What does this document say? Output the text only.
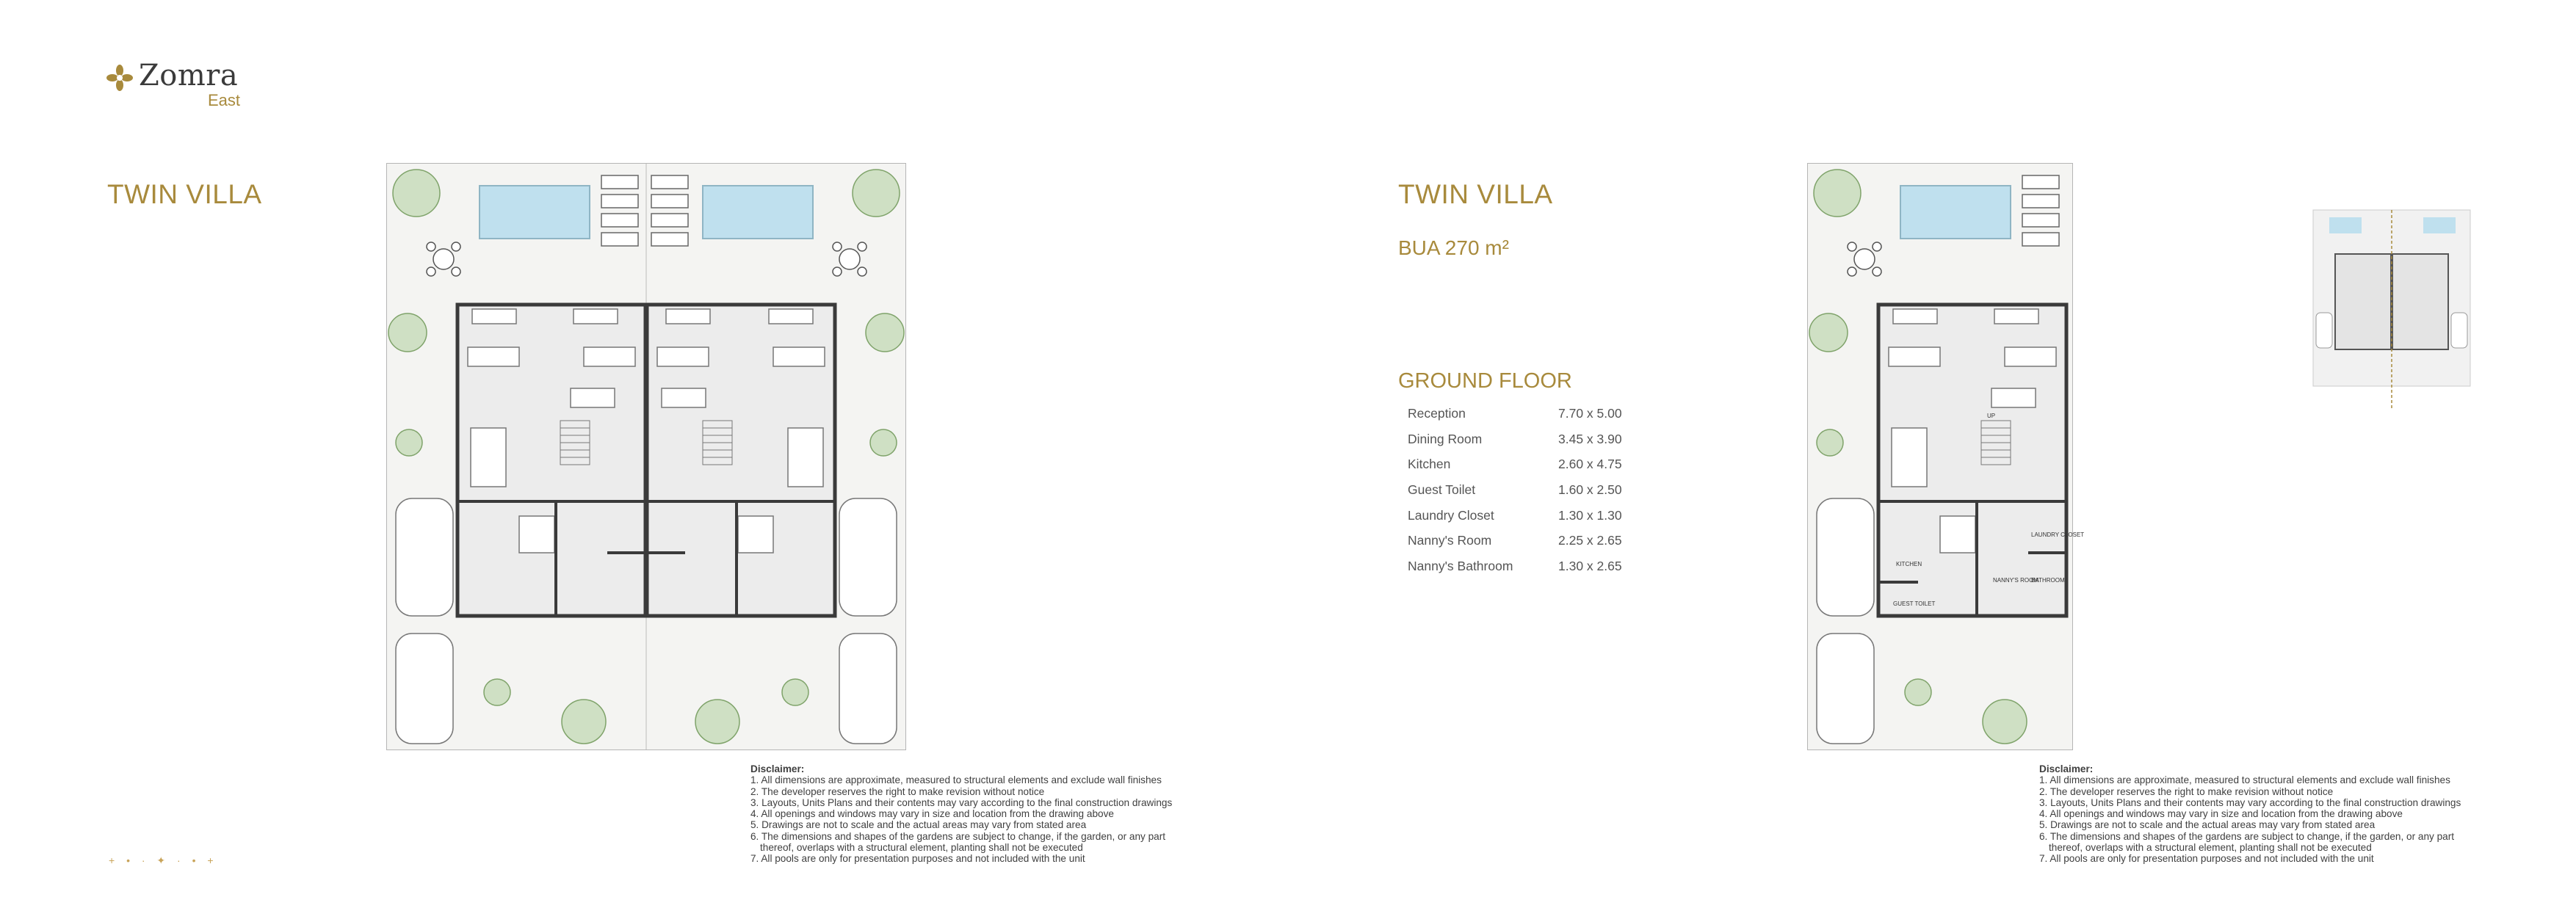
Zomra
East
TWIN VILLA
Disclaimer:
1. All dimensions are approximate, measured to structural elements and exclude wall finishes
2. The developer reserves the right to make revision without notice
3. Layouts, Units Plans and their contents may vary according to the final construction drawings
4. All openings and windows may vary in size and location from the drawing above
5. Drawings are not to scale and the actual areas may vary from stated area
6. The dimensions and shapes of the gardens are subject to change, if the garden, or any part
thereof, overlaps with a structural element, planting shall not be executed
7. All pools are only for presentation purposes and not included with the unit
TWIN VILLA
BUA 270 m²
GROUND FLOOR
Reception	7.70 x 5.00
Dining Room	3.45 x 3.90
Kitchen	2.60 x 4.75
Guest Toilet	1.60 x 2.50
Laundry Closet	1.30 x 1.30
Nanny's Room	2.25 x 2.65
Nanny's Bathroom	1.30 x 2.65	KITCHEN
GUEST TOILET
LAUNDRY CLOSET
NANNY'S ROOM
BATHROOM
UP
Disclaimer:
1. All dimensions are approximate, measured to structural elements and exclude wall finishes
2. The developer reserves the right to make revision without notice
3. Layouts, Units Plans and their contents may vary according to the final construction drawings
4. All openings and windows may vary in size and location from the drawing above
5. Drawings are not to scale and the actual areas may vary from stated area
6. The dimensions and shapes of the gardens are subject to change, if the garden, or any part
thereof, overlaps with a structural element, planting shall not be executed
7. All pools are only for presentation purposes and not included with the unit
+ • · ✦ · • +
